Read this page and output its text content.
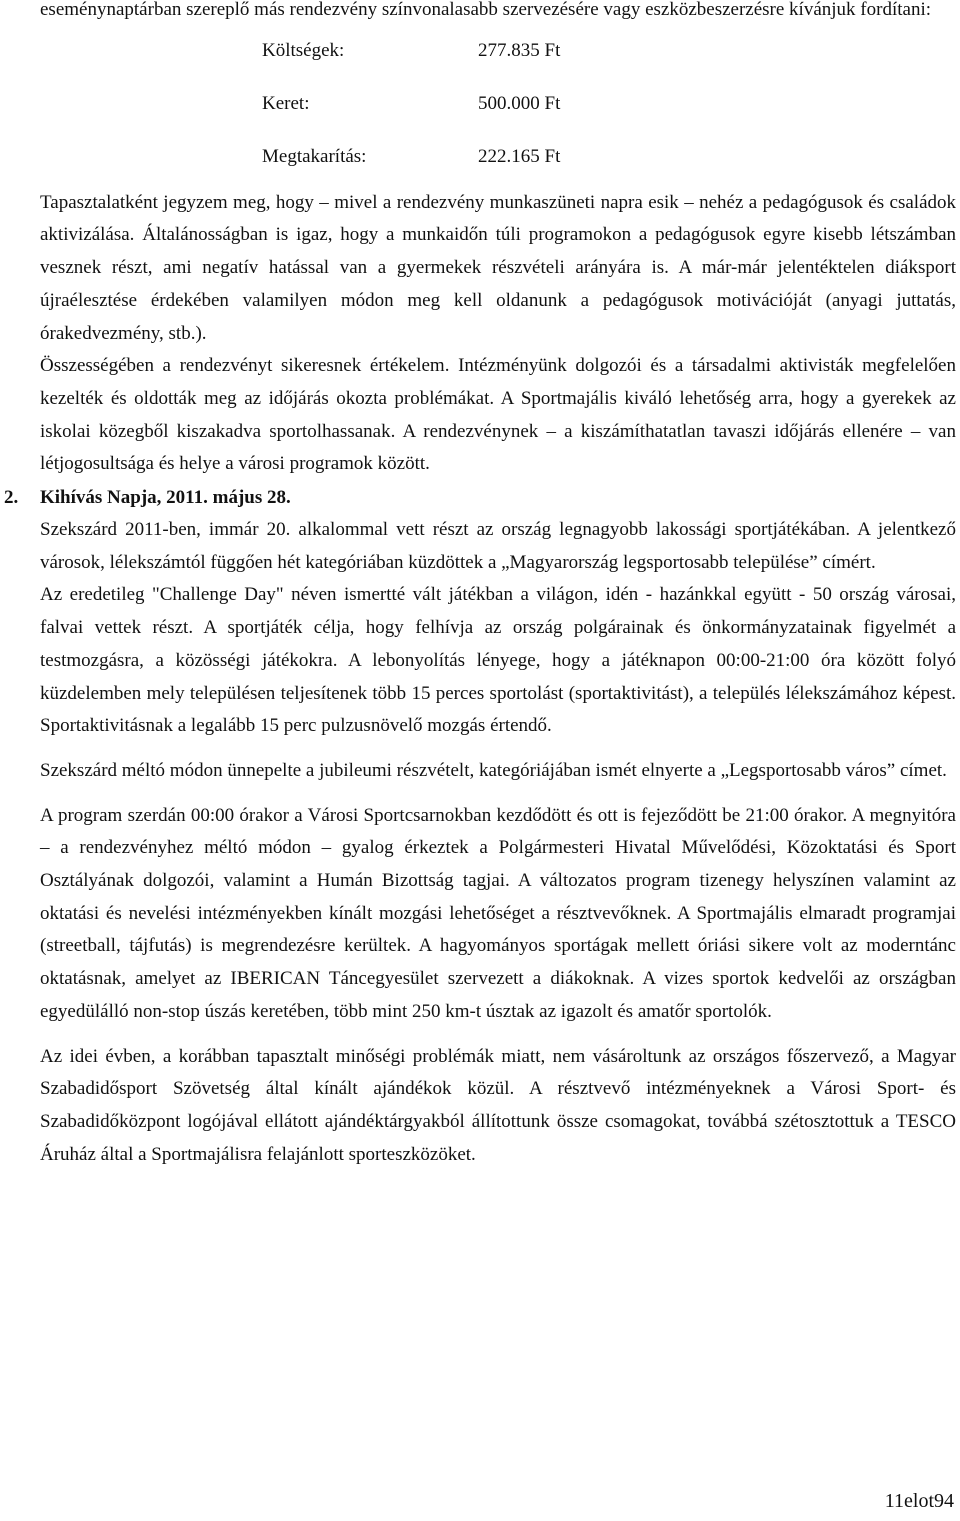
eseménynaptárban szereplő más rendezvény színvonalasabb szervezésére vagy eszközbeszerzésre kívánjuk fordítani:

Költségek:	277.835 Ft
Keret:	500.000 Ft
Megtakarítás:	222.165 Ft

Tapasztalatként jegyzem meg, hogy – mivel a rendezvény munkaszüneti napra esik – nehéz a pedagógusok és családok aktivizálása. Általánosságban is igaz, hogy a munkaidőn túli programokon a pedagógusok egyre kisebb létszámban vesznek részt, ami negatív hatással van a gyermekek részvételi arányára is. A már-már jelentéktelen diáksport újraélesztése érdekében valamilyen módon meg kell oldanunk a pedagógusok motivációját (anyagi juttatás, órakedvezmény, stb.).

Összességében a rendezvényt sikeresnek értékelem. Intézményünk dolgozói és a társadalmi aktivisták megfelelően kezelték és oldották meg az időjárás okozta problémákat. A Sportmajális kiváló lehetőség arra, hogy a gyerekek az iskolai közegből kiszakadva sportolhassanak. A rendezvénynek – a kiszámíthatatlan tavaszi időjárás ellenére – van létjogosultsága és helye a városi programok között.

2. Kihívás Napja, 2011. május 28.

Szekszárd 2011-ben, immár 20. alkalommal vett részt az ország legnagyobb lakossági sportjátékában. A jelentkező városok, lélekszámtól függően hét kategóriában küzdöttek a „Magyarország legsportosabb települése” címért.

Az eredetileg "Challenge Day" néven ismertté vált játékban a világon, idén - hazánkkal együtt - 50 ország városai, falvai vettek részt. A sportjáték célja, hogy felhívja az ország polgárainak és önkormányzatainak figyelmét a testmozgásra, a közösségi játékokra. A lebonyolítás lényege, hogy a játéknapon 00:00-21:00 óra között folyó küzdelemben mely településen teljesítenek több 15 perces sportolást (sportaktivitást), a település lélekszámához képest. Sportaktivitásnak a legalább 15 perc pulzusnövelő mozgás értendő.

Szekszárd méltó módon ünnepelte a jubileumi részvételt, kategóriájában ismét elnyerte a „Legsportosabb város” címet.

A program szerdán 00:00 órakor a Városi Sportcsarnokban kezdődött és ott is fejeződött be 21:00 órakor. A megnyitóra – a rendezvényhez méltó módon – gyalog érkeztek a Polgármesteri Hivatal Művelődési, Közoktatási és Sport Osztályának dolgozói, valamint a Humán Bizottság tagjai. A változatos program tizenegy helyszínen valamint az oktatási és nevelési intézményekben kínált mozgási lehetőséget a résztvevőknek. A Sportmajális elmaradt programjai (streetball, tájfutás) is megrendezésre kerültek. A hagyományos sportágak mellett óriási sikere volt az moderntánc oktatásnak, amelyet az IBERICAN Táncegyesület szervezett a diákoknak. A vizes sportok kedvelői az országban egyedülálló non-stop úszás keretében, több mint 250 km-t úsztak az igazolt és amatőr sportolók.

Az idei évben, a korábban tapasztalt minőségi problémák miatt, nem vásároltunk az országos főszervező, a Magyar Szabadidősport Szövetség által kínált ajándékok közül. A résztvevő intézményeknek a Városi Sport- és Szabadidőközpont logójával ellátott ajándéktárgyakból állítottunk össze csomagokat, továbbá szétosztottuk a TESCO Áruház által a Sportmajálisra felajánlott sporteszközöket.

11elot94
